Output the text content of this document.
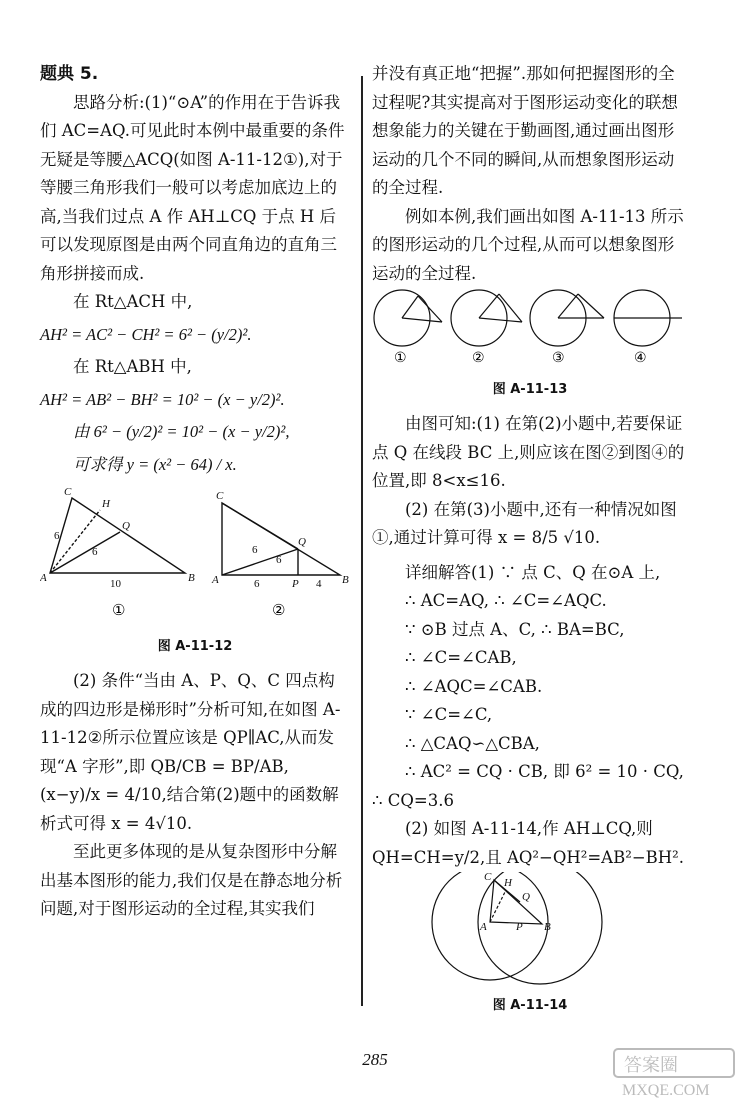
题典 5.

思路分析:(1)“⊙A”的作用在于告诉我们 AC=AQ.可见此时本例中最重要的条件无疑是等腰△ACQ(如图 A-11-12①),对于等腰三角形我们一般可以考虑加底边上的高,当我们过点 A 作 AH⊥CQ 于点 H 后可以发现原图是由两个同直角边的直角三角形拼接而成.

在 Rt△ACH 中,

AH² = AC² − CH² = 6² − (y/2)².

在 Rt△ABH 中,

AH² = AB² − BH² = 10² − (x − y/2)².

由 6² − (y/2)² = 10² − (x − y/2)²,

可求得 y = (x² − 64) / x.

C
H
Q
A	B
6
6
10
①
C
Q
A	P	B
6
6
6	4
②

图 A-11-12

(2) 条件“当由 A、P、Q、C 四点构成的四边形是梯形时”分析可知,在如图 A-11-12②所示位置应该是 QP∥AC,从而发现“A 字形”,即 QB/CB = BP/AB, (x−y)/x = 4/10,结合第(2)题中的函数解析式可得 x = 4√10.

至此更多体现的是从复杂图形中分解出基本图形的能力,我们仅是在静态地分析问题,对于图形运动的全过程,其实我们

并没有真正地“把握”.那如何把握图形的全过程呢?其实提高对于图形运动变化的联想想象能力的关键在于勤画图,通过画出图形运动的几个不同的瞬间,从而想象图形运动的全过程.

例如本例,我们画出如图 A-11-13 所示的图形运动的几个过程,从而可以想象图形运动的全过程.

①	②	③	④

图 A-11-13

由图可知:(1) 在第(2)小题中,若要保证点 Q 在线段 BC 上,则应该在图②到图④的位置,即 8<x≤16.

(2) 在第(3)小题中,还有一种情况如图①,通过计算可得 x = 8/5 √10.

详细解答(1) ∵ 点 C、Q 在⊙A 上,

∴ AC=AQ, ∴ ∠C=∠AQC.

∵ ⊙B 过点 A、C, ∴ BA=BC,

∴ ∠C=∠CAB,

∴ ∠AQC=∠CAB.

∵ ∠C=∠C,

∴ △CAQ∽△CBA,

∴ AC² = CQ · CB, 即 6² = 10 · CQ, ∴ CQ=3.6

(2) 如图 A-11-14,作 AH⊥CQ,则 QH=CH=y/2,且 AQ²−QH²=AB²−BH².

C H
Q
A	P B

图 A-11-14

285	答案圈
MXQE.COM
